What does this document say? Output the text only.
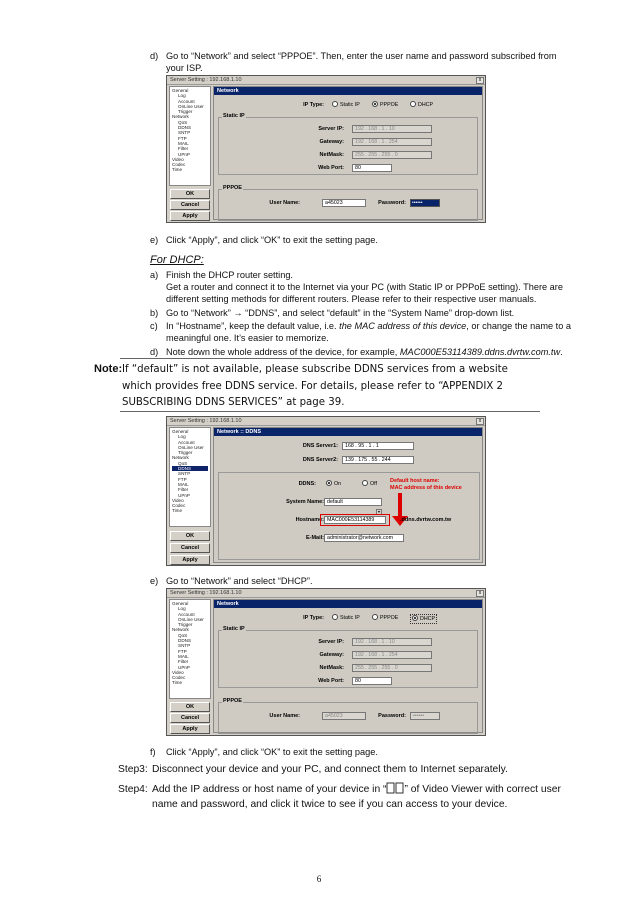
d) Go to “Network” and select “PPPOE”. Then, enter the user name and password subscribed from your ISP.
Server Setting : 192.168.1.10	x
General
Log
Account
OnLine User
Trigger
Network
QoS
DDNS
SNTP
FTP
MAIL
Filter
UPnP
Video
Codec
Time
OK
Cancel
Apply
Network
IP Type:	Static IP	PPPOE	DHCP
Static IP
Server IP:	192 . 168 . 1 . 10
Gateway:	192 . 168 . 1 . 254
NetMask:	255 . 255 . 255 . 0
Web Port:	80
PPPOE
User Name:	a45023	Password:	••••••
e) Click “Apply”, and click “OK” to exit the setting page.
For DHCP:
a) Finish the DHCP router setting.
Get a router and connect it to the Internet via your PC (with Static IP or PPPoE setting). There are
different setting methods for different routers. Please refer to their respective user manuals.
b) Go to “Network” → “DDNS”, and select “default” in the “System Name” drop-down list.
c) In “Hostname”, keep the default value, i.e. the MAC address of this device, or change the name to a
meaningful one. It’s easier to memorize.
d) Note down the whole address of the device, for example, MAC000E53114389.ddns.dvrtw.com.tw.
Note: If “default” is not available, please subscribe DDNS services from a website
which provides free DDNS service. For details, please refer to “APPENDIX 2
SUBSCRIBING DDNS SERVICES” at page 39.
Server Setting : 192.168.1.10	x
General
Log
Account
OnLine User
Trigger
Network
QoS
DDNS
SNTP
FTP
MAIL
Filter
UPnP
Video
Codec
Time
OK
Cancel
Apply
Network :: DDNS
DNS Server1:	168 . 95 . 1 . 1
DNS Server2:	139 . 175 . 55 . 244
DDNS:	On	Off Default host name:
MAC address of this device
System Name: default
▾
Hostname: MAC000E53114389	.ddns.dvrtw.com.tw
E-Mail: administrator@network.com
e) Go to “Network” and select “DHCP”.
Server Setting : 192.168.1.10	x
General
Log
Account
OnLine User
Trigger
Network
QoS
DDNS
SNTP
FTP
MAIL
Filter
UPnP
Video
Codec
Time
OK
Cancel
Apply
Network
IP Type:	Static IP	PPPOE	DHCP
Static IP
Server IP:	192 . 168 . 1 . 10
Gateway:	192 . 168 . 1 . 254
NetMask:	255 . 255 . 255 . 0
Web Port:	80
PPPOE
User Name:	a45023	Password:	••••••
f) Click “Apply”, and click “OK” to exit the setting page.
Step3: Disconnect your device and your PC, and connect them to Internet separately.
Step4: Add the IP address or host name of your device in “ ” of Video Viewer with correct user
name and password, and click it twice to see if you can access to your device.
6
